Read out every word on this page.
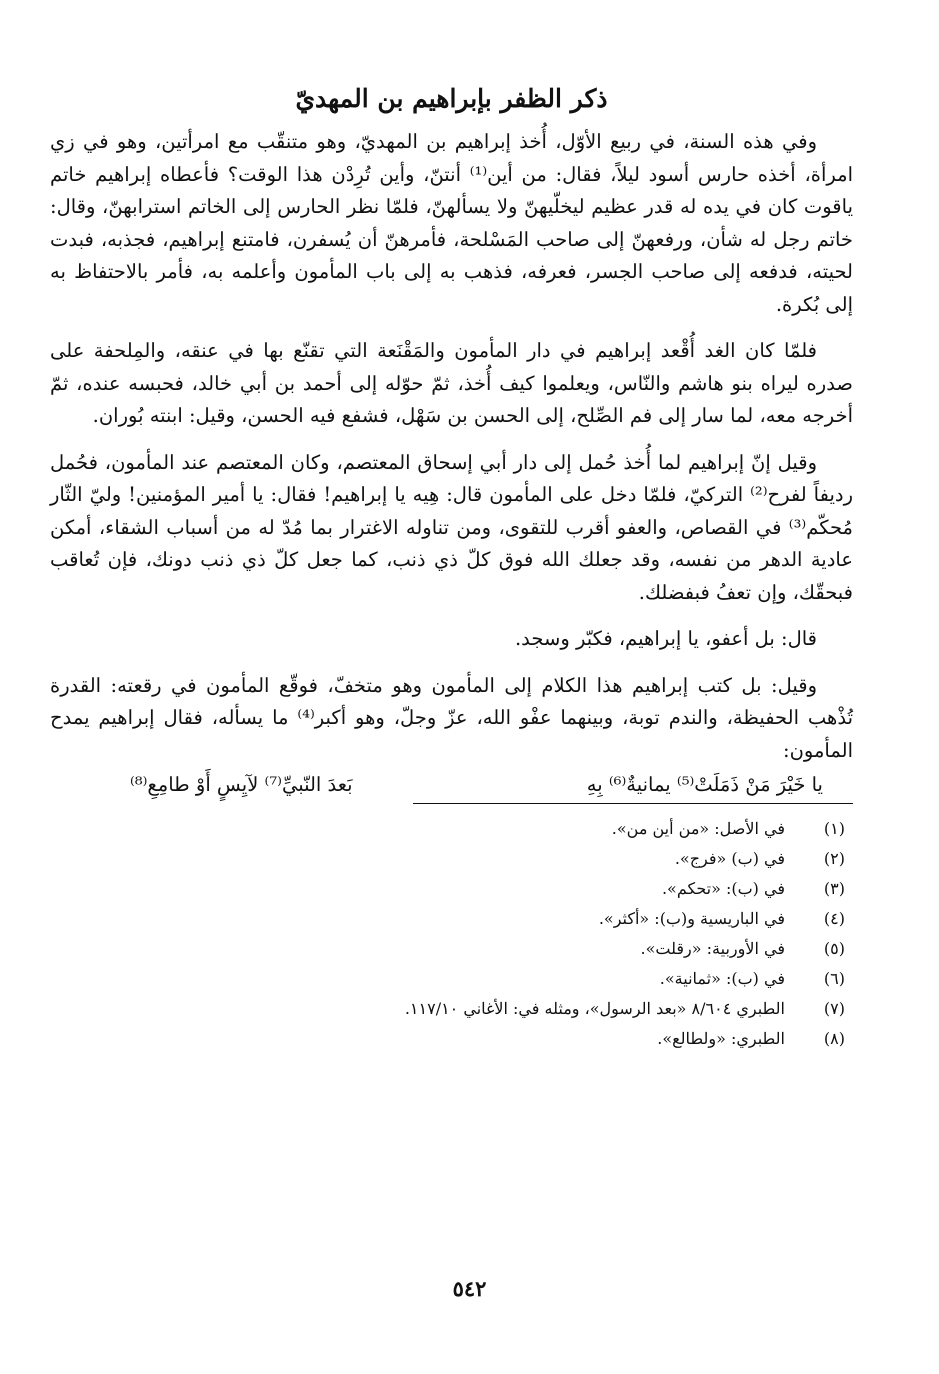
ذكر الظفر بإبراهيم بن المهديّ

وفي هذه السنة، في ربيع الأوّل، أُخذ إبراهيم بن المهديّ، وهو متنقّب مع امرأتين، وهو في زي امرأة، أخذه حارس أسود ليلاً، فقال: من أين⁽¹⁾ أنتنّ، وأين تُرِدْن هذا الوقت؟ فأعطاه إبراهيم خاتم ياقوت كان في يده له قدر عظيم ليخلّيهنّ ولا يسألهنّ، فلمّا نظر الحارس إلى الخاتم استرابهنّ، وقال: خاتم رجل له شأن، ورفعهنّ إلى صاحب المَسْلحة، فأمرهنّ أن يُسفرن، فامتنع إبراهيم، فجذبه، فبدت لحيته، فدفعه إلى صاحب الجسر، فعرفه، فذهب به إلى باب المأمون وأعلمه به، فأمر بالاحتفاظ به إلى بُكرة.

فلمّا كان الغد أُقْعد إبراهيم في دار المأمون والمَقْنَعة التي تقنّع بها في عنقه، والمِلحفة على صدره ليراه بنو هاشم والنّاس، ويعلموا كيف أُخذ، ثمّ حوّله إلى أحمد بن أبي خالد، فحبسه عنده، ثمّ أخرجه معه، لما سار إلى فم الصِّلح، إلى الحسن بن سَهْل، فشفع فيه الحسن، وقيل: ابنته بُوران.

وقيل إنّ إبراهيم لما أُخذ حُمل إلى دار أبي إسحاق المعتصم، وكان المعتصم عند المأمون، فحُمل رديفاً لفرح⁽²⁾ التركيّ، فلمّا دخل على المأمون قال: هِيه يا إبراهيم! فقال: يا أمير المؤمنين! وليّ الثّار مُحكّم⁽³⁾ في القصاص، والعفو أقرب للتقوى، ومن تناوله الاغترار بما مُدّ له من أسباب الشقاء، أمكن عادية الدهر من نفسه، وقد جعلك الله فوق كلّ ذي ذنب، كما جعل كلّ ذي ذنب دونك، فإن تُعاقب فبحقّك، وإن تعفُ فبفضلك.

قال: بل أعفو، يا إبراهيم، فكبّر وسجد.

وقيل: بل كتب إبراهيم هذا الكلام إلى المأمون وهو متخفّ، فوقّع المأمون في رقعته: القدرة تُذْهب الحفيظة، والندم توبة، وبينهما عفْو الله، عزّ وجلّ، وهو أكبر⁽⁴⁾ ما يسأله، فقال إبراهيم يمدح المأمون:

يا خَيْرَ مَنْ ذَمَلَتْ⁽⁵⁾ يمانيةٌ⁽⁶⁾ بِهِ
بَعدَ النّبيِّ⁽⁷⁾ لآيِسٍ أَوْ طامِعِ⁽⁸⁾
(١)
في الأصل: «من أين من».
(٢)
في (ب) «فرج».
(٣)
في (ب): «تحكم».
(٤)
في الباريسية و(ب): «أكثر».
(٥)
في الأوربية: «رقلت».
(٦)
في (ب): «ثمانية».
(٧)
الطبري ٨/٦٠٤ «بعد الرسول»، ومثله في: الأغاني ١١٧/١٠.
(٨)
الطبري: «ولطالع».
٥٤٢
